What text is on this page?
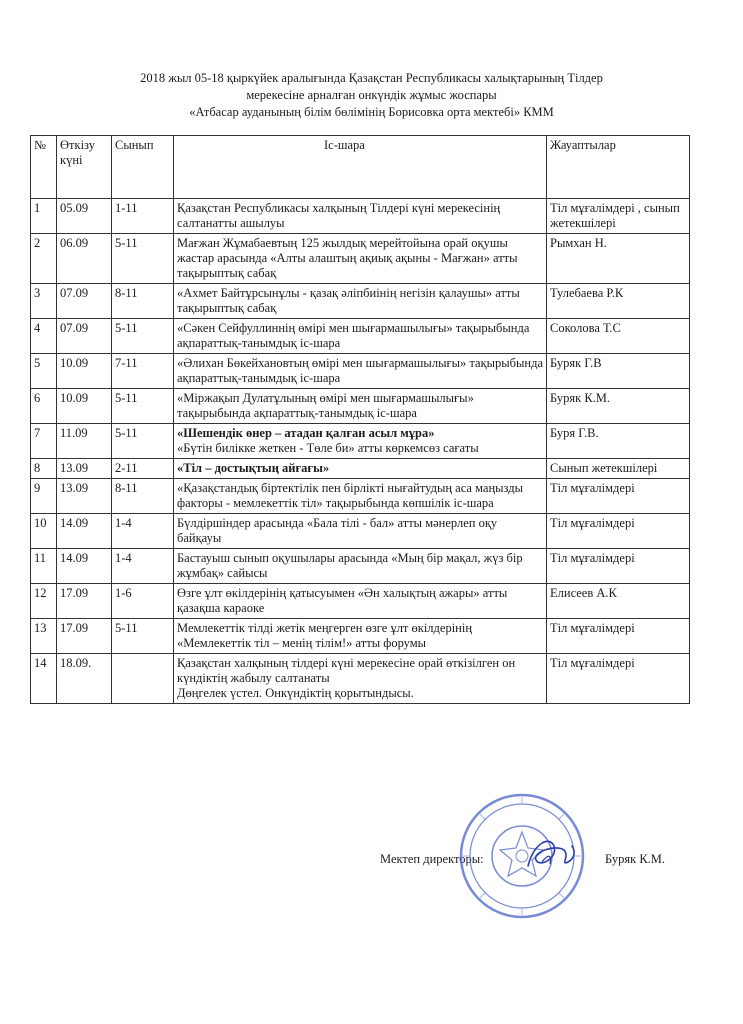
2018 жыл 05-18 қыркүйек аралығында Қазақстан Республикасы халықтарының Тілдер
мерекесіне арналған онкүндік жұмыс жоспары
«Атбасар ауданының білім бөлімінің Борисовка орта мектебі» КММ
№	Өткізу күні	Сынып	Іс-шара	Жауаптылар
1	05.09	1-11	Қазақстан Республикасы халқының Тілдері күні мерекесінің салтанатты ашылуы	Тіл мұғалімдері , сынып жетекшілері
2	06.09	5-11	Мағжан Жұмабаевтың 125 жылдық мерейтойына орай оқушы жастар арасында «Алты алаштың ақиық ақыны - Мағжан» атты тақырыптық сабақ	Рымхан Н.
3	07.09	8-11	«Ахмет Байтұрсынұлы - қазақ әліпбиінің негізін қалаушы» атты тақырыптық сабақ	Тулебаева Р.К
4	07.09	5-11	«Сәкен Сейфуллиннің өмірі мен шығармашылығы» тақырыбында ақпараттық-танымдық іс-шара	Соколова Т.С
5	10.09	7-11	«Әлихан Бөкейхановтың өмірі мен шығармашылығы» тақырыбында ақпараттық-танымдық іс-шара	Буряк Г.В
6	10.09	5-11	«Міржақып Дулатұлының өмірі мен шығармашылығы» тақырыбында ақпараттық-танымдық іс-шара	Буряк К.М.
7	11.09	5-11	«Шешендік өнер – атадан қалған асыл мұра»
«Бүтін билікке жеткен - Төле би» атты көркемсөз сағаты	Буря Г.В.
8	13.09	2-11	«Тіл – достықтың айғағы»	Сынып жетекшілері
9	13.09	8-11	«Қазақстандық біртектілік пен бірлікті нығайтудың аса маңызды факторы - мемлекеттік тіл» тақырыбында көпшілік іс-шара	Тіл мұғалімдері
10	14.09	1-4	Бүлдіршіндер арасында «Бала тілі - бал» атты мәнерлеп оқу байқауы	Тіл мұғалімдері
11	14.09	1-4	Бастауыш сынып оқушылары арасында «Мың бір мақал, жүз бір жұмбақ» сайысы	Тіл мұғалімдері
12	17.09	1-6	Өзге ұлт өкілдерінің қатысуымен «Ән халықтың ажары» атты қазақша караоке	Елисеев А.К
13	17.09	5-11	Мемлекеттік тілді жетік меңгерген өзге ұлт өкілдерінің «Мемлекеттік тіл – менің тілім!» атты форумы	Тіл мұғалімдері
14	18.09.		Қазақстан халқының тілдері күні мерекесіне орай өткізілген он күндіктің жабылу салтанаты
Дөңгелек үстел. Онкүндіктің қорытындысы.	Тіл мұғалімдері
Мектеп директоры:	Буряк К.М.
